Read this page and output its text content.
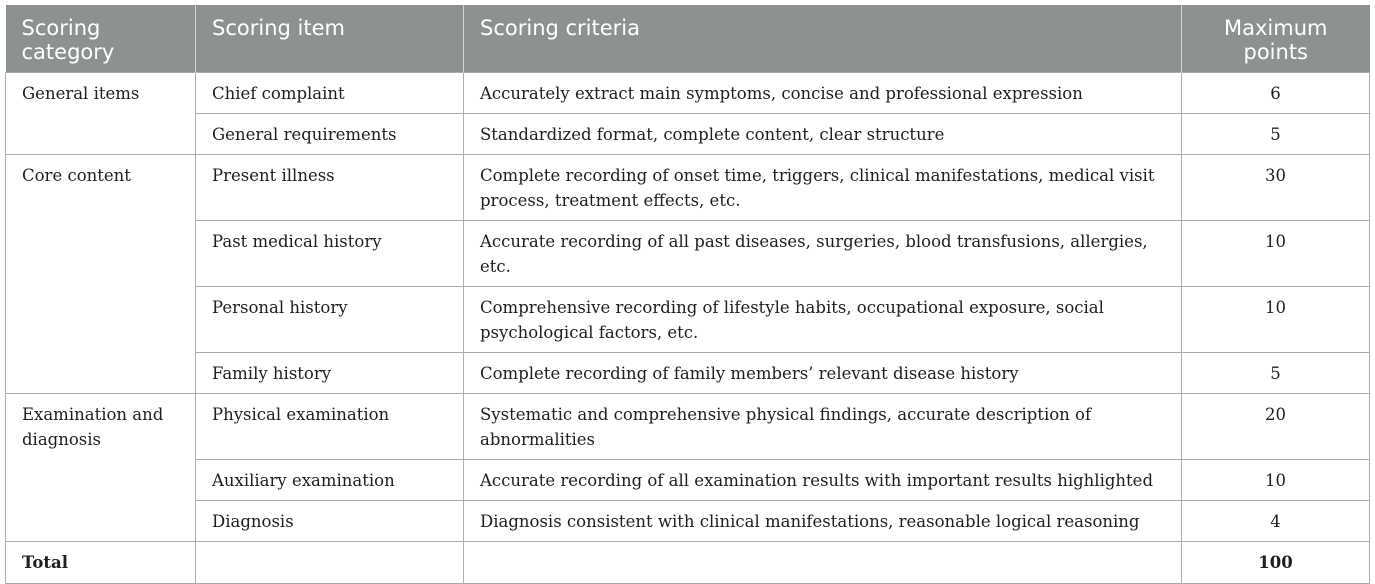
Scoring category	Scoring item	Scoring criteria	Maximum points
General items	Chief complaint	Accurately extract main symptoms, concise and professional expression	6
	General requirements	Standardized format, complete content, clear structure	5
Core content	Present illness	Complete recording of onset time, triggers, clinical manifestations, medical visit process, treatment effects, etc.	30
	Past medical history	Accurate recording of all past diseases, surgeries, blood transfusions, allergies, etc.	10
	Personal history	Comprehensive recording of lifestyle habits, occupational exposure, social psychological factors, etc.	10
	Family history	Complete recording of family members’ relevant disease history	5
Examination and diagnosis	Physical examination	Systematic and comprehensive physical findings, accurate description of abnormalities	20
	Auxiliary examination	Accurate recording of all examination results with important results highlighted	10
	Diagnosis	Diagnosis consistent with clinical manifestations, reasonable logical reasoning	4
Total			100
